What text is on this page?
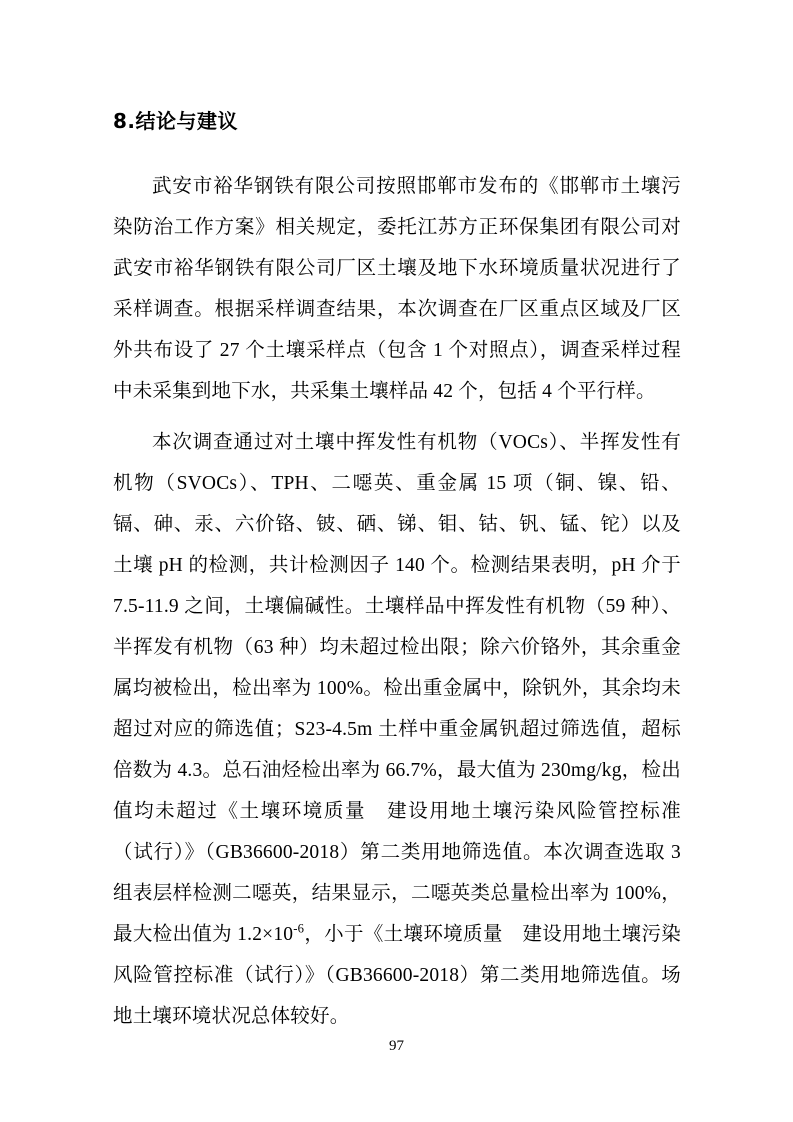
8.结论与建议

武安市裕华钢铁有限公司按照邯郸市发布的《邯郸市土壤污染防治工作方案》相关规定，委托江苏方正环保集团有限公司对武安市裕华钢铁有限公司厂区土壤及地下水环境质量状况进行了采样调查。根据采样调查结果，本次调查在厂区重点区域及厂区外共布设了 27 个土壤采样点（包含 1 个对照点），调查采样过程中未采集到地下水，共采集土壤样品 42 个，包括 4 个平行样。

本次调查通过对土壤中挥发性有机物（VOCs）、半挥发性有机物（SVOCs）、TPH、二噁英、重金属 15 项（铜、镍、铅、镉、砷、汞、六价铬、铍、硒、锑、钼、钴、钒、锰、铊）以及土壤 pH 的检测，共计检测因子 140 个。检测结果表明，pH 介于 7.5-11.9 之间，土壤偏碱性。土壤样品中挥发性有机物（59 种）、半挥发有机物（63 种）均未超过检出限；除六价铬外，其余重金属均被检出，检出率为 100%。检出重金属中，除钒外，其余均未超过对应的筛选值；S23-4.5m 土样中重金属钒超过筛选值，超标倍数为 4.3。总石油烃检出率为 66.7%，最大值为 230mg/kg，检出值均未超过《土壤环境质量　建设用地土壤污染风险管控标准（试行）》（GB36600-2018）第二类用地筛选值。本次调查选取 3 组表层样检测二噁英，结果显示，二噁英类总量检出率为 100%，最大检出值为 $1.2\times 10^{-6}$，小于《土壤环境质量　建设用地土壤污染风险管控标准（试行）》（GB36600-2018）第二类用地筛选值。场地土壤环境状况总体较好。

97
